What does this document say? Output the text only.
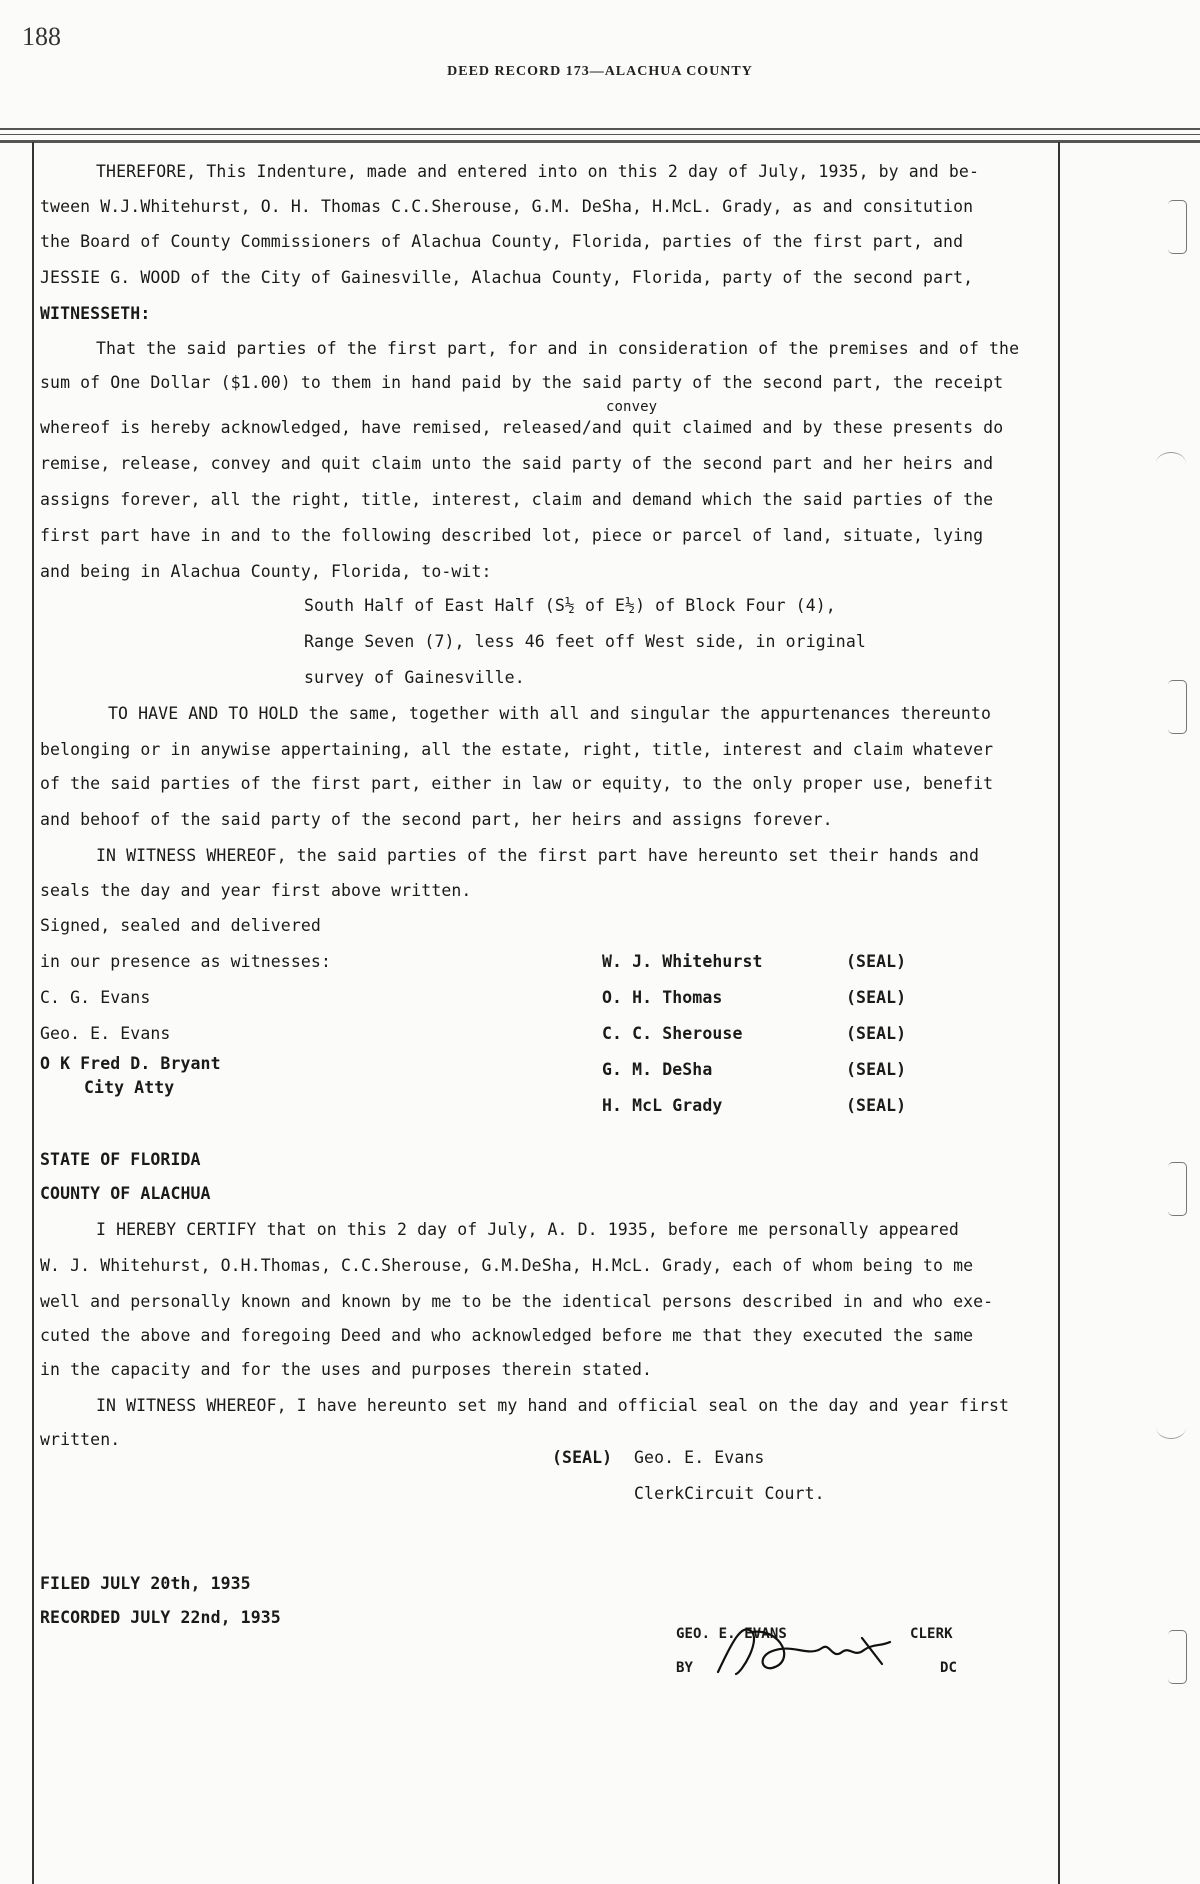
188
DEED RECORD 173—ALACHUA COUNTY
THEREFORE, This Indenture, made and entered into on this 2 day of July, 1935, by and be-
tween W.J.Whitehurst, O. H. Thomas C.C.Sherouse, G.M. DeSha, H.McL. Grady, as and consitution
the Board of County Commissioners of Alachua County, Florida, parties of the first part, and
JESSIE G. WOOD of the City of Gainesville, Alachua County, Florida, party of the second part,
WITNESSETH:
That the said parties of the first part, for and in consideration of the premises and of the
sum of One Dollar ($1.00) to them in hand paid by the said party of the second part, the receipt
convey
whereof is hereby acknowledged, have remised, released/and quit claimed and by these presents do
remise, release, convey and quit claim unto the said party of the second part and her heirs and
assigns forever, all the right, title, interest, claim and demand which the said parties of the
first part have in and to the following described lot, piece or parcel of land, situate, lying
and being in Alachua County, Florida, to-wit:
South Half of East Half (S½ of E½) of Block Four (4),
Range Seven (7), less 46 feet off West side, in original
survey of Gainesville.
TO HAVE AND TO HOLD the same, together with all and singular the appurtenances thereunto
belonging or in anywise appertaining, all the estate, right, title, interest and claim whatever
of the said parties of the first part, either in law or equity, to the only proper use, benefit
and behoof of the said party of the second part, her heirs and assigns forever.
IN WITNESS WHEREOF, the said parties of the first part have hereunto set their hands and
seals the day and year first above written.
Signed, sealed and delivered
in our presence as witnesses:
C. G. Evans
Geo. E. Evans
O K Fred D. Bryant
City Atty
W. J. Whitehurst	(SEAL)
O. H. Thomas	(SEAL)
C. C. Sherouse	(SEAL)
G. M. DeSha	(SEAL)
H. McL Grady	(SEAL)
STATE OF FLORIDA
COUNTY OF ALACHUA
I HEREBY CERTIFY that on this 2 day of July, A. D. 1935, before me personally appeared
W. J. Whitehurst, O.H.Thomas, C.C.Sherouse, G.M.DeSha, H.McL. Grady, each of whom being to me
well and personally known and known by me to be the identical persons described in and who exe-
cuted the above and foregoing Deed and who acknowledged before me that they executed the same
in the capacity and for the uses and purposes therein stated.
IN WITNESS WHEREOF, I have hereunto set my hand and official seal on the day and year first
written.
(SEAL) Geo. E. Evans
ClerkCircuit Court.
FILED JULY 20th, 1935
RECORDED JULY 22nd, 1935
GEO. E. EVANS	CLERK
BY	DC
